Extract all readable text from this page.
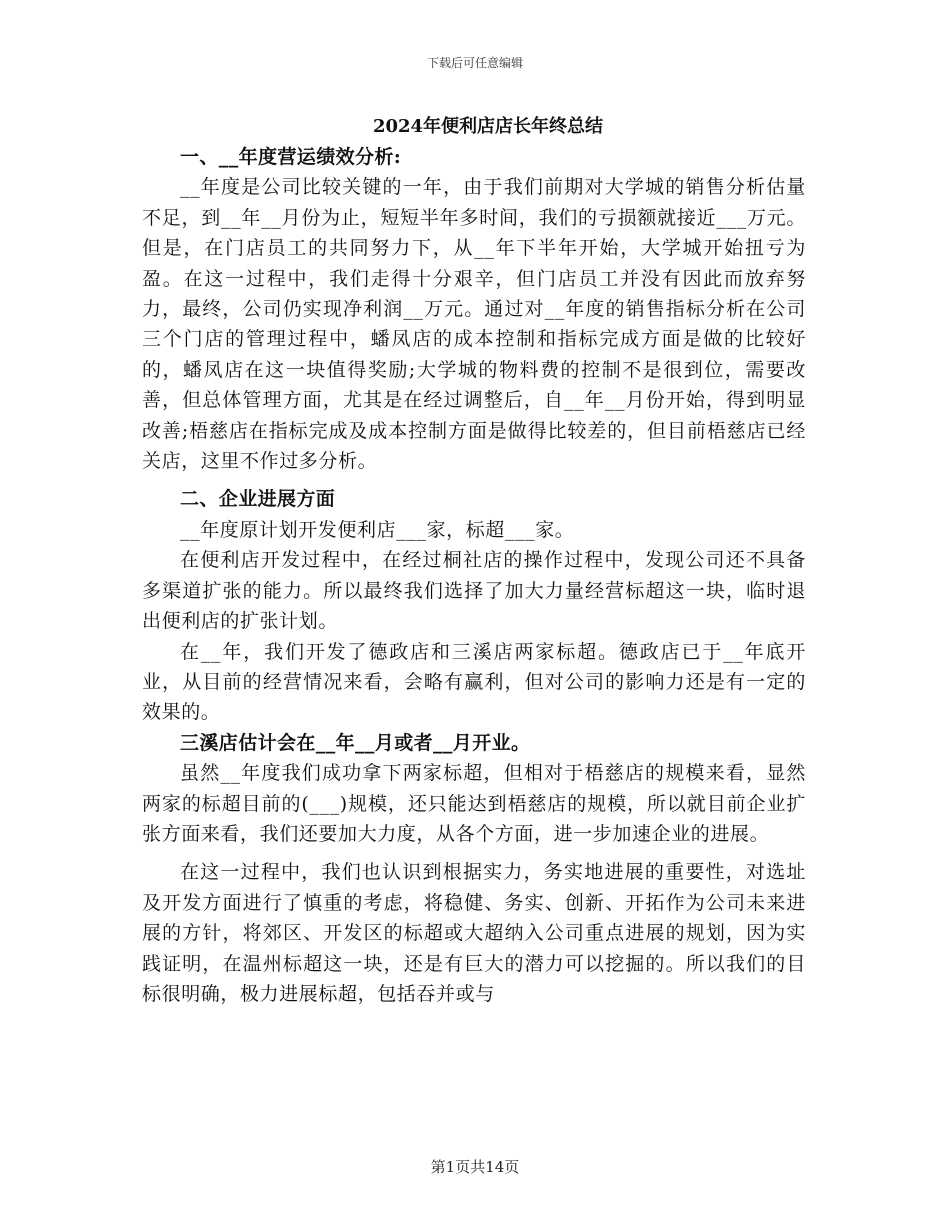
下载后可任意编辑
2024年便利店店长年终总结

一、__年度营运绩效分析:

__年度是公司比较关键的一年，由于我们前期对大学城的销售分析估量不足，到__年__月份为止，短短半年多时间，我们的亏损额就接近___万元。但是，在门店员工的共同努力下，从__年下半年开始，大学城开始扭亏为盈。在这一过程中，我们走得十分艰辛，但门店员工并没有因此而放弃努力，最终，公司仍实现净利润__万元。通过对__年度的销售指标分析在公司三个门店的管理过程中，蟠凤店的成本控制和指标完成方面是做的比较好的，蟠凤店在这一块值得奖励;大学城的物料费的控制不是很到位，需要改善，但总体管理方面，尤其是在经过调整后，自__年__月份开始，得到明显改善;梧慈店在指标完成及成本控制方面是做得比较差的，但目前梧慈店已经关店，这里不作过多分析。

二、企业进展方面

__年度原计划开发便利店___家，标超___家。

在便利店开发过程中，在经过桐社店的操作过程中，发现公司还不具备多渠道扩张的能力。所以最终我们选择了加大力量经营标超这一块，临时退出便利店的扩张计划。

在__年，我们开发了德政店和三溪店两家标超。德政店已于__年底开业，从目前的经营情况来看，会略有赢利，但对公司的影响力还是有一定的效果的。

三溪店估计会在__年__月或者__月开业。

虽然__年度我们成功拿下两家标超，但相对于梧慈店的规模来看，显然两家的标超目前的(___)规模，还只能达到梧慈店的规模，所以就目前企业扩张方面来看，我们还要加大力度，从各个方面，进一步加速企业的进展。

在这一过程中，我们也认识到根据实力，务实地进展的重要性，对选址及开发方面进行了慎重的考虑，将稳健、务实、创新、开拓作为公司未来进展的方针，将郊区、开发区的标超或大超纳入公司重点进展的规划，因为实践证明，在温州标超这一块，还是有巨大的潜力可以挖掘的。所以我们的目标很明确，极力进展标超，包括吞并或与

第1页共14页
